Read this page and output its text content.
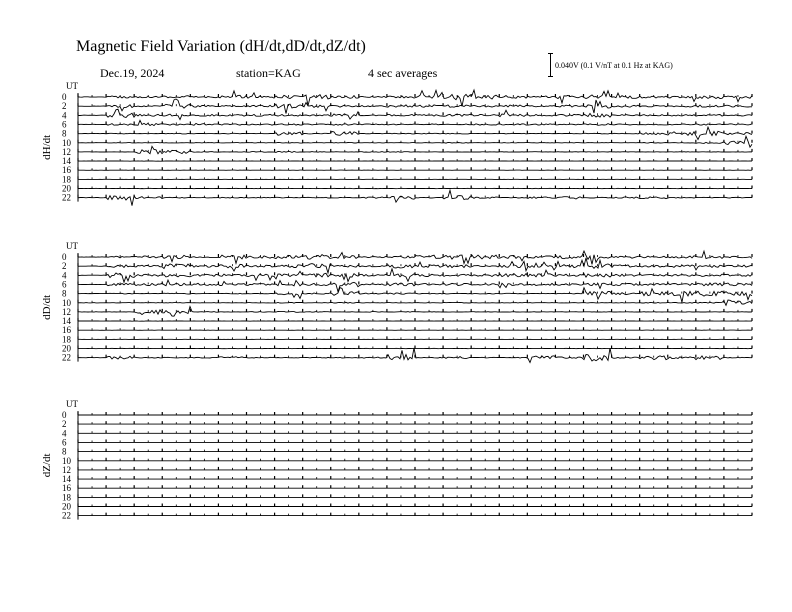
Magnetic Field Variation (dH/dt,dD/dt,dZ/dt)
Dec.19, 2024	station=KAG	4 sec averages
0.040V (0.1 V/nT at 0.1 Hz at KAG)
UT
dH/dt
0
2
4
6
8
10
12
14
16
18
20
22
UT
dD/dt
0
2
4
6
8
10
12
14
16
18
20
22
UT
dZ/dt
0
2
4
6
8
10
12
14
16
18
20
22
